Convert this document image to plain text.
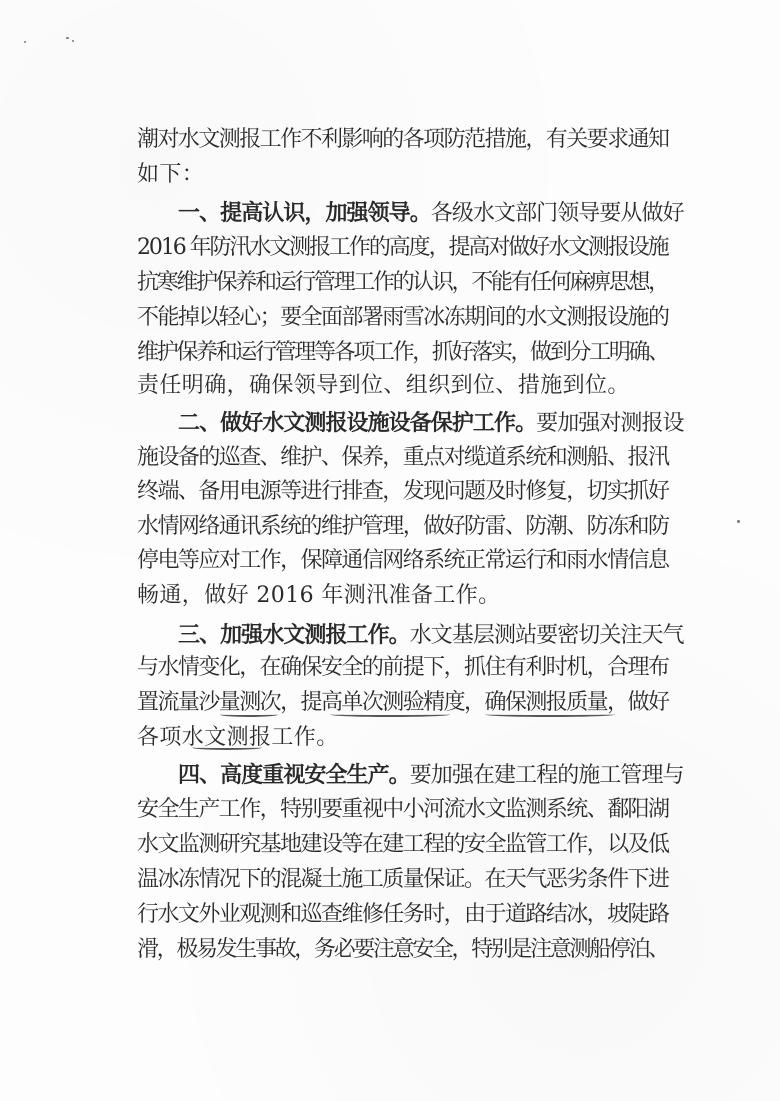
潮对水文测报工作不利影响的各项防范措施，有关要求通知
如下：
一、提高认识，加强领导。各级水文部门领导要从做好
2016 年防汛水文测报工作的高度，提高对做好水文测报设施
抗寒维护保养和运行管理工作的认识，不能有任何麻痹思想，
不能掉以轻心；要全面部署雨雪冰冻期间的水文测报设施的
维护保养和运行管理等各项工作，抓好落实，做到分工明确、
责任明确，确保领导到位、组织到位、措施到位。
二、做好水文测报设施设备保护工作。要加强对测报设
施设备的巡查、维护、保养，重点对缆道系统和测船、报汛
终端、备用电源等进行排查，发现问题及时修复，切实抓好
水情网络通讯系统的维护管理，做好防雷、防潮、防冻和防
停电等应对工作，保障通信网络系统正常运行和雨水情信息
畅通，做好 2016 年测汛准备工作。
三、加强水文测报工作。水文基层测站要密切关注天气
与水情变化，在确保安全的前提下，抓住有利时机，合理布
置流量沙量测次，提高单次测验精度，确保测报质量，做好
各项水文测报工作。
四、高度重视安全生产。要加强在建工程的施工管理与
安全生产工作，特别要重视中小河流水文监测系统、鄱阳湖
水文监测研究基地建设等在建工程的安全监管工作，以及低
温冰冻情况下的混凝土施工质量保证。在天气恶劣条件下进
行水文外业观测和巡查维修任务时，由于道路结冰，坡陡路
滑，极易发生事故，务必要注意安全，特别是注意测船停泊、
